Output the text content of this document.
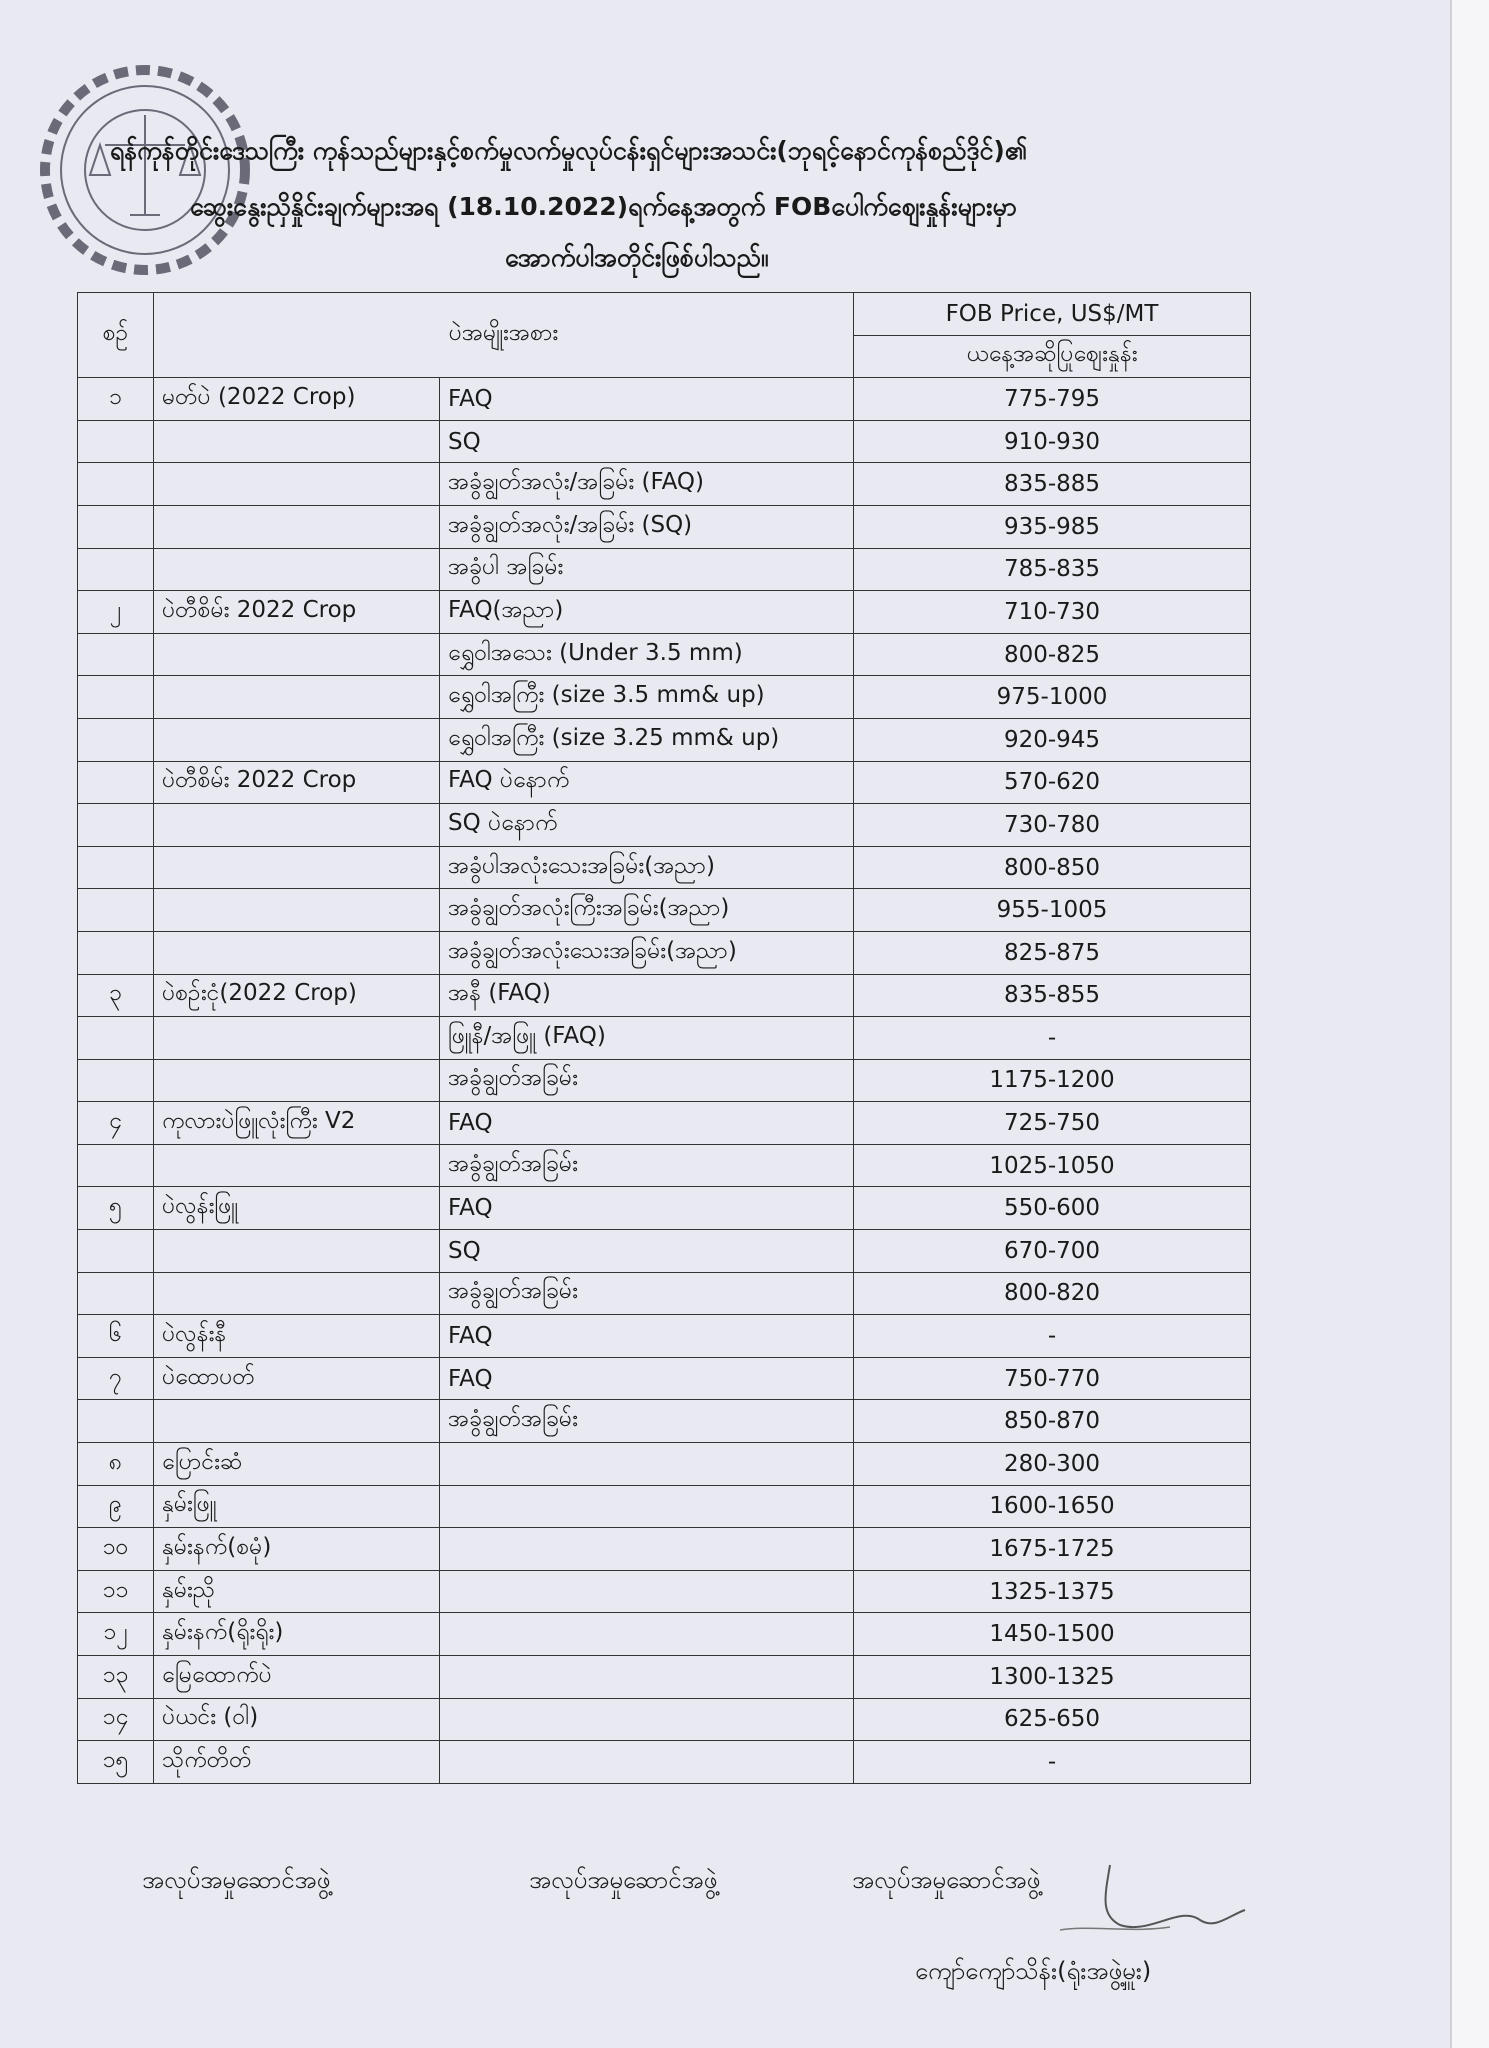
ရန်ကုန်တိုင်းဒေသကြီး ကုန်သည်များနှင့်စက်မှုလက်မှုလုပ်ငန်းရှင်များအသင်း(ဘုရင့်နောင်ကုန်စည်ဒိုင်)၏
ဆွေးနွေးညှိနှိုင်းချက်များအရ (18.10.2022)ရက်နေ့အတွက် FOBပေါက်ဈေးနှုန်းများမှာ
အောက်ပါအတိုင်းဖြစ်ပါသည်။
စဉ်	ပဲအမျိုးအစား		FOB Price, US$/MT
			ယနေ့အဆိုပြုဈေးနှုန်း
၁	မတ်ပဲ (2022 Crop)	FAQ	775-795
		SQ	910-930
		အခွံချွတ်အလုံး/အခြမ်း (FAQ)	835-885
		အခွံချွတ်အလုံး/အခြမ်း (SQ)	935-985
		အခွံပါ အခြမ်း	785-835
၂	ပဲတီစိမ်း 2022 Crop	FAQ(အညာ)	710-730
		ရွှေဝါအသေး (Under 3.5 mm)	800-825
		ရွှေဝါအကြီး (size 3.5 mm& up)	975-1000
		ရွှေဝါအကြီး (size 3.25 mm& up)	920-945
	ပဲတီစိမ်း 2022 Crop	FAQ ပဲနောက်	570-620
		SQ ပဲနောက်	730-780
		အခွံပါအလုံးသေးအခြမ်း(အညာ)	800-850
		အခွံချွတ်အလုံးကြီးအခြမ်း(အညာ)	955-1005
		အခွံချွတ်အလုံးသေးအခြမ်း(အညာ)	825-875
၃	ပဲစဉ်းငုံ(2022 Crop)	အနီ (FAQ)	835-855
		ဖြူနီ/အဖြူ (FAQ)	-
		အခွံချွတ်အခြမ်း	1175-1200
၄	ကုလားပဲဖြူလုံးကြီး V2	FAQ	725-750
		အခွံချွတ်အခြမ်း	1025-1050
၅	ပဲလွန်းဖြူ	FAQ	550-600
		SQ	670-700
		အခွံချွတ်အခြမ်း	800-820
၆	ပဲလွန်းနီ	FAQ	-
၇	ပဲထောပတ်	FAQ	750-770
		အခွံချွတ်အခြမ်း	850-870
၈	ပြောင်းဆံ		280-300
၉	နှမ်းဖြူ		1600-1650
၁၀	နှမ်းနက်(စမုံ)		1675-1725
၁၁	နှမ်းညို		1325-1375
၁၂	နှမ်းနက်(ရိုးရိုး)		1450-1500
၁၃	မြေထောက်ပဲ		1300-1325
၁၄	ပဲယင်း (ဝါ)		625-650
၁၅	သိုက်တိတ်		-
အလုပ်အမှုဆောင်အဖွဲ့	အလုပ်အမှုဆောင်အဖွဲ့	အလုပ်အမှုဆောင်အဖွဲ့
ကျော်ကျော်သိန်း(ရုံးအဖွဲ့မှူး)
